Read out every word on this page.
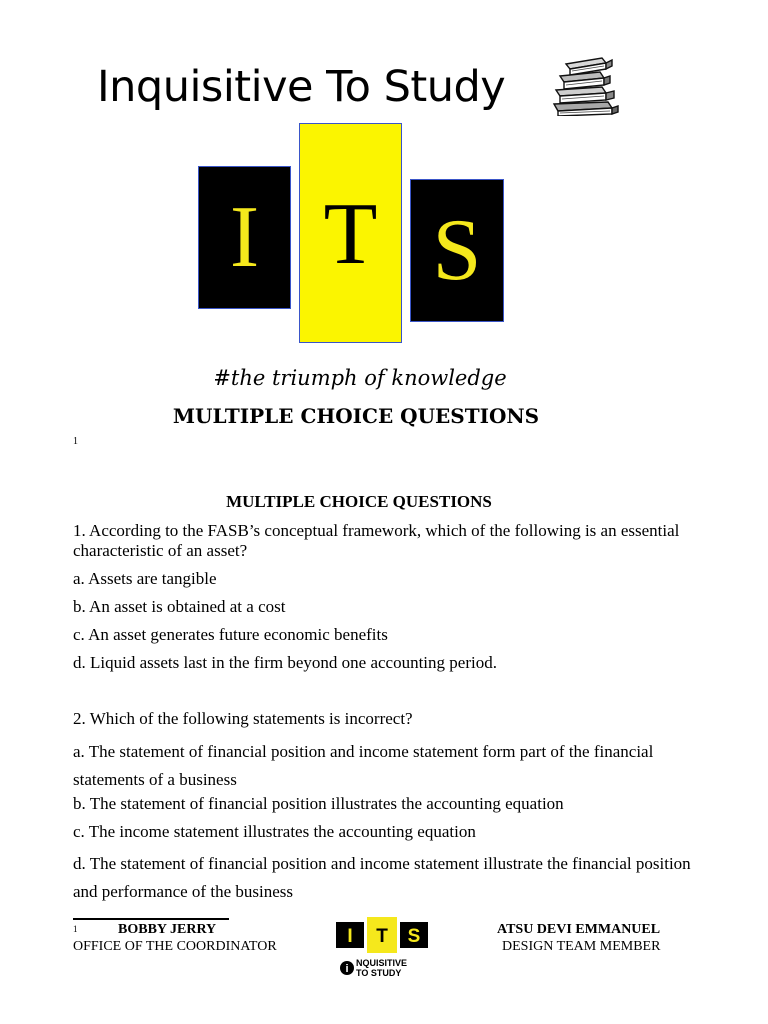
Inquisitive To Study
I T S
#the triumph of knowledge
MULTIPLE CHOICE QUESTIONS
1
MULTIPLE CHOICE QUESTIONS
1. According to the FASB’s conceptual framework, which of the following is an essential characteristic of an asset?
a. Assets are tangible
b. An asset is obtained at a cost
c. An asset generates future economic benefits
d. Liquid assets last in the firm beyond one accounting period.
2. Which of the following statements is incorrect?
a. The statement of financial position and income statement form part of the financial statements of a business
b. The statement of financial position illustrates the accounting equation
c. The income statement illustrates the accounting equation
d. The statement of financial position and income statement illustrate the financial position and performance of the business
1	BOBBY JERRY
OFFICE OF THE COORDINATOR
ATSU DEVI EMMANUEL
DESIGN TEAM MEMBER
I T S
i NQUISITIVE
TO STUDY
